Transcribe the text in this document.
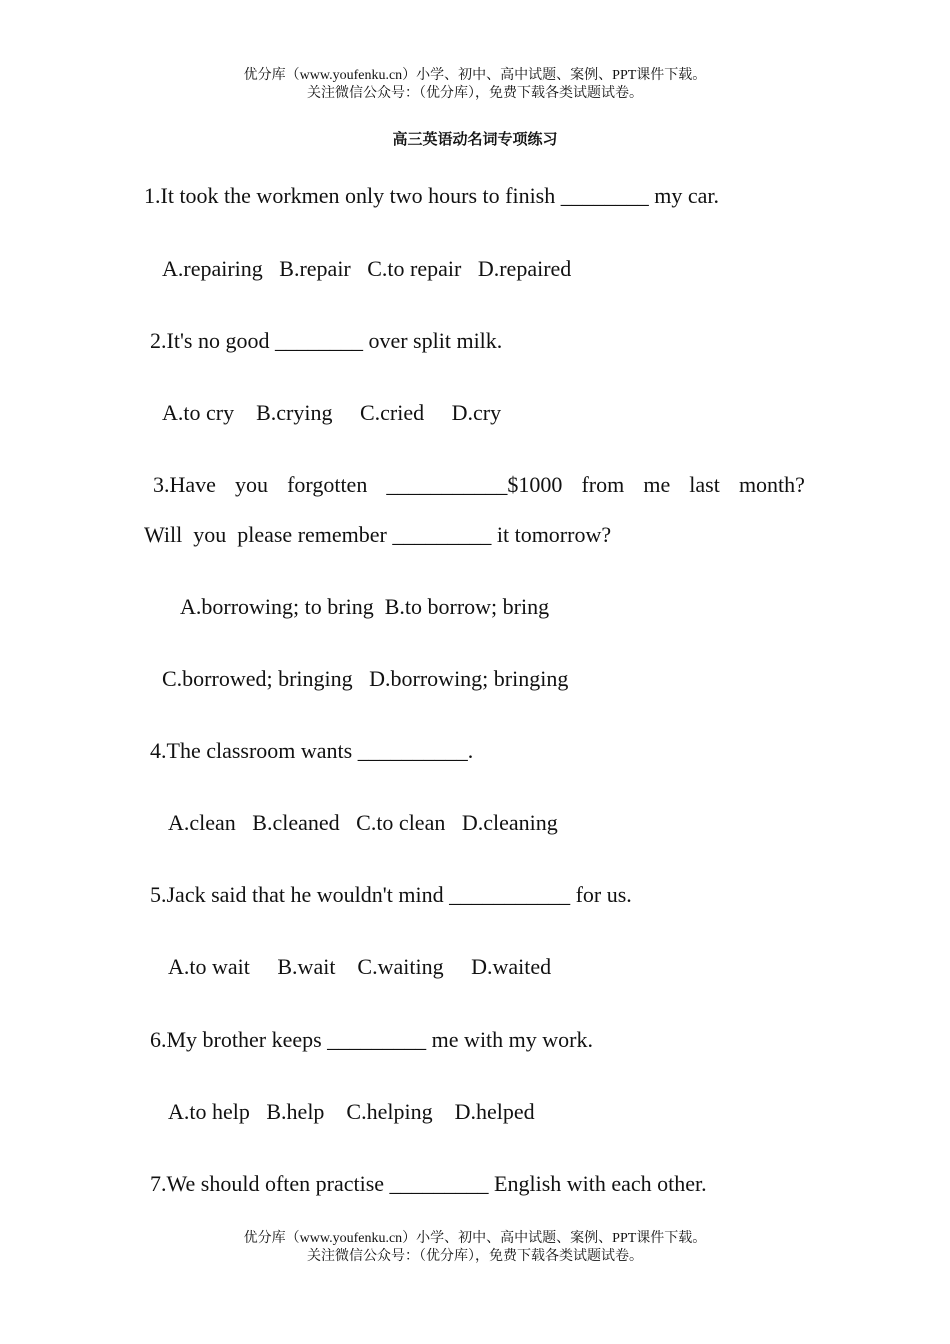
优分库（www.youfenku.cn）小学、初中、高中试题、案例、PPT课件下载。
关注微信公众号：（优分库），免费下载各类试题试卷。
高三英语动名词专项练习
1.It took the workmen only two hours to finish ________ my car.
A.repairing   B.repair   C.to repair   D.repaired
2.It's no good ________ over split milk.
A.to cry    B.crying     C.cried     D.cry
3.Have you forgotten ___________$1000 from me last month?
Will  you  please remember _________ it tomorrow?
A.borrowing; to bring  B.to borrow; bring
C.borrowed; bringing   D.borrowing; bringing
4.The classroom wants __________.
A.clean   B.cleaned   C.to clean   D.cleaning
5.Jack said that he wouldn't mind ___________ for us.
A.to wait     B.wait    C.waiting     D.waited
6.My brother keeps _________ me with my work.
A.to help   B.help    C.helping    D.helped
7.We should often practise _________ English with each other.
优分库（www.youfenku.cn）小学、初中、高中试题、案例、PPT课件下载。
关注微信公众号：（优分库），免费下载各类试题试卷。
